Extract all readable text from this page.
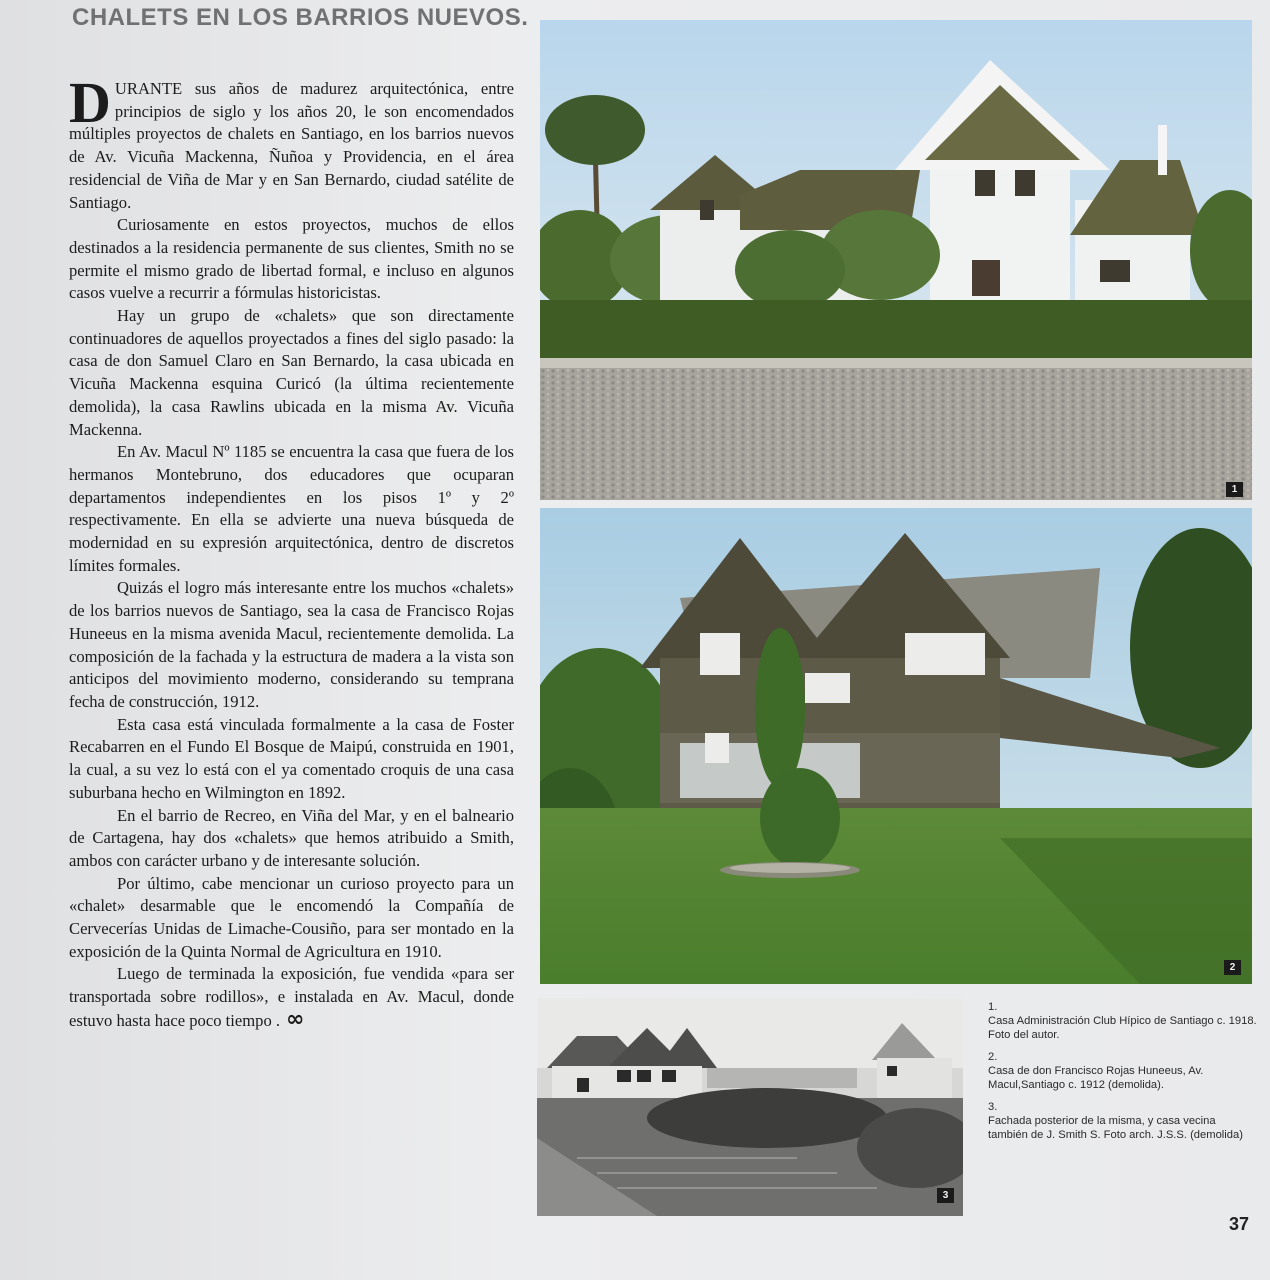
CHALETS EN LOS BARRIOS NUEVOS.

DURANTE sus años de madurez arquitectónica, entre principios de siglo y los años 20, le son encomendados múltiples proyectos de chalets en Santiago, en los barrios nuevos de Av. Vicuña Mackenna, Ñuñoa y Providencia, en el área residencial de Viña de Mar y en San Bernardo, ciudad satélite de Santiago.

Curiosamente en estos proyectos, muchos de ellos destinados a la residencia permanente de sus clientes, Smith no se permite el mismo grado de libertad formal, e incluso en algunos casos vuelve a recurrir a fórmulas historicistas.

Hay un grupo de «chalets» que son directamente continuadores de aquellos proyectados a fines del siglo pasado: la casa de don Samuel Claro en San Bernardo, la casa ubicada en Vicuña Mackenna esquina Curicó (la última recientemente demolida), la casa Rawlins ubicada en la misma Av. Vicuña Mackenna.

En Av. Macul Nº 1185 se encuentra la casa que fuera de los hermanos Montebruno, dos educadores que ocuparan departamentos independientes en los pisos 1º y 2º respectivamente. En ella se advierte una nueva búsqueda de modernidad en su expresión arquitectónica, dentro de discretos límites formales.

Quizás el logro más interesante entre los muchos «chalets» de los barrios nuevos de Santiago, sea la casa de Francisco Rojas Huneeus en la misma avenida Macul, recientemente demolida. La composición de la fachada y la estructura de madera a la vista son anticipos del movimiento moderno, considerando su temprana fecha de construcción, 1912.

Esta casa está vinculada formalmente a la casa de Foster Recabarren en el Fundo El Bosque de Maipú, construida en 1901, la cual, a su vez lo está con el ya comentado croquis de una casa suburbana hecho en Wilmington en 1892.

En el barrio de Recreo, en Viña del Mar, y en el balneario de Cartagena, hay dos «chalets» que hemos atribuido a Smith, ambos con carácter urbano y de interesante solución.

Por último, cabe mencionar un curioso proyecto para un «chalet» desarmable que le encomendó la Compañía de Cervecerías Unidas de Limache-Cousiño, para ser montado en la exposición de la Quinta Normal de Agricultura en 1910.

Luego de terminada la exposición, fue vendida «para ser transportada sobre rodillos», e instalada en Av. Macul, donde estuvo hasta hace poco tiempo . ∞

1
2
3
1.
Casa Administración Club Hípico de Santiago c. 1918. Foto del autor.
2.
Casa de don Francisco Rojas Huneeus, Av. Macul,Santiago c. 1912 (demolida).
3.
Fachada posterior de la misma, y casa vecina también de J. Smith S. Foto arch. J.S.S. (demolida)
37
